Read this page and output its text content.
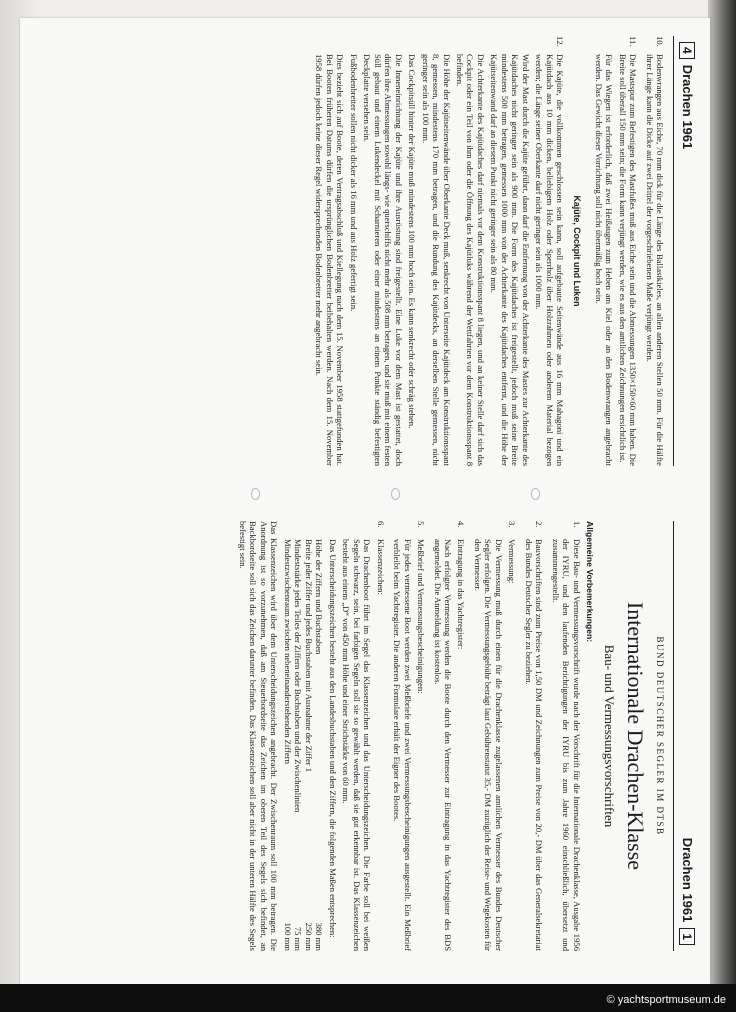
4
Drachen 1961
10.

Bodenwrangen aus Eiche, 70 mm dick für die Länge des Ballastkieles, an allen anderen Stellen 50 mm. Für die Hälfte ihrer Länge kann die Dicke auf zwei Drittel der vorgeschriebenen Maße verjüngt werden.

11.

Die Mastspur zum Befestigen des Mastfußes muß aus Eiche sein und die Abmessungen 1350×150×60 mm haben. Die Breite soll überall 150 mm sein; die Form kann verjüngt werden, wie es aus den amtlichen Zeichnungen ersichtlich ist.

Für das Wiegen ist erforderlich, daß zwei Heißaugen zum Heben am Kiel oder an den Bodenwrangen angebracht werden. Das Gewicht dieser Vorrichtung soll nicht übermäßig hoch sein.

Kajüte, Cockpit und Luken
12.

Die Kajüte, die vollkommen geschlossen sein kann, soll aufgebaute Seitenwände aus 16 mm Mahagoni und ein Kajütdach aus 10 mm dicken, beliebigem Holz oder Sperrholz über Holzrahmen oder anderem Material bezogen werden; die Länge seiner Oberkante darf nicht geringer sein als 1000 mm.

Wird der Mast durch die Kajüte geführt, dann darf die Entfernung von der Achterkante des Mastes zur Achterkante des Kajütdaches nicht geringer sein als 900 mm. Die Form des Kajütdaches ist freigestellt, jedoch muß seine Breite mindestens 500 mm betragen, gemessen 1000 mm von der Achterkante des Kajütdaches entfernt, und die Höhe der Kajütseitenwand darf an diesem Punkt nicht geringer sein als 80 mm.

Die Achterkante des Kajütdaches darf niemals vor dem Konstruktionsspant 8 liegen, und an keiner Stelle darf sich das Cockpit oder ein Teil von ihm oder die Öffnung des Kajütluks während der Wettfahrten vor dem Konstruktionsspant 8 befinden.

Die Höhe der Kajütseitenwände über Oberkante Deck muß, senkrecht von Unterseite Kajütdeck am Konstruktionsspant 8, gemessen, mindestens 170 mm betragen, und die Rundung des Kajütdecks, an derselben Stelle gemessen, nicht geringer sein als 100 mm.

Das Cockpitsüll hinter der Kajüte muß mindestens 100 mm hoch sein. Es kann senkrecht oder schräg stehen.

Die Inneneinrichtung der Kajüte und ihre Ausrüstung sind freigestellt. Eine Luke vor dem Mast ist gestattet, doch dürfen ihre Abmessungen sowohl längs- wie querschiffs nicht mehr als 508 mm betragen, und sie muß mit einem festen Süll gebaut und einem Lukendeckel mit Scharnieren oder einer mindestens an einem Punkte ständig befestigten Deckplatte versehen sein.

Fußbodenbretter sollen nicht dicker als 16 mm und aus Holz gefertigt sein.

Dies bezieht sich auf Boote, deren Vertragsabschluß und Kiellegung nach dem 15. November 1958 stattgefunden hat. Bei Booten früheren Datums dürfen die ursprünglichen Bodenbretter beibehalten werden. Nach dem 15. November 1958 dürfen jedoch keine dieser Regel widersprechenden Bodenbretter mehr angebracht sein.

Drachen 1961
1
BUND DEUTSCHER SEGLER IM DTSB
Internationale Drachen-Klasse
Bau- und Vermessungsvorschriften
Allgemeine Vorbemerkungen:
1.

Diese Bau- und Vermessungsvorschrift wurde nach der Vorschrift für die Internationale Drachenklasse, Ausgabe 1956 der IYRU, und den laufenden Berichtigungen der IYRU bis zum Jahre 1960 einschließlich, übersetzt und zusammengestellt.

2.

Bauvorschriften sind zum Preise von 1,50 DM und Zeichnungen zum Preise von 20,- DM über das Generalsekretariat des Bundes Deutscher Segler zu beziehen.

3.

Vermessung:

Die Vermessung muß durch einen für die Drachenklasse zugelassenen amtlichen Vermesser des Bundes Deutscher Segler erfolgen. Die Vermessungsgebühr beträgt laut Gebührenstatut 35,- DM zuzüglich der Reise- und Wegekosten für den Vermesser.

4.

Eintragung in das Yachtregister:

Nach erfolgter Vermessung werden die Boote durch den Vermesser zur Eintragung in das Yachtregister des BDS angemeldet. Die Anmeldung ist kostenlos.

5.

Meßbrief und Vermessungsbescheinigungen:

Für jedes vermessene Boot werden zwei Meßbriefe und zwei Vermessungsbescheinigungen ausgestellt. Ein Meßbrief verbleibt beim Yachtregister. Die anderen Formulare erhält der Eigner des Bootes.

6.

Klassenzeichen:

Das Drachenboot führt im Segel das Klassenzeichen und das Unterscheidungszeichen. Die Farbe soll bei weißen Segeln schwarz, sein, bei farbigen Segeln soll sie so gewählt werden, daß sie gut erkennbar ist. Das Klassenzeichen besteht aus einem „D“ von 450 mm Höhe und einer Strichstärke von 60 mm.

Das Unterscheidungszeichen besteht aus den Landesbuchstaben und den Ziffern, die folgenden Maßen entsprechen:

Höhe der Ziffern und Buchstaben
380 mm
Breite jeder Ziffer und jedes Buchstaben mit Ausnahme der Ziffer 1
250 mm
Mindeststärke jedes Teiles der Ziffern oder Buchstaben und der Zwischenlinien
75 mm
Mindestzwischenraum zwischen nebeneinanderstehenden Ziffern
100 mm

Das Klassenzeichen wird über dem Unterscheidungszeichen angebracht. Der Zwischenraum soll 100 mm betragen. Die Anordnung ist so vorzunehmen, daß am Steuerbordseite das Zeichen im oberen Teil des Segels sich befindet, an Backbordseite soll sich das Zeichen darunter befinden. Das Klassenzeichen soll aber nicht in der unteren Hälfte des Segels befestigt sein.

© yachtsportmuseum.de
